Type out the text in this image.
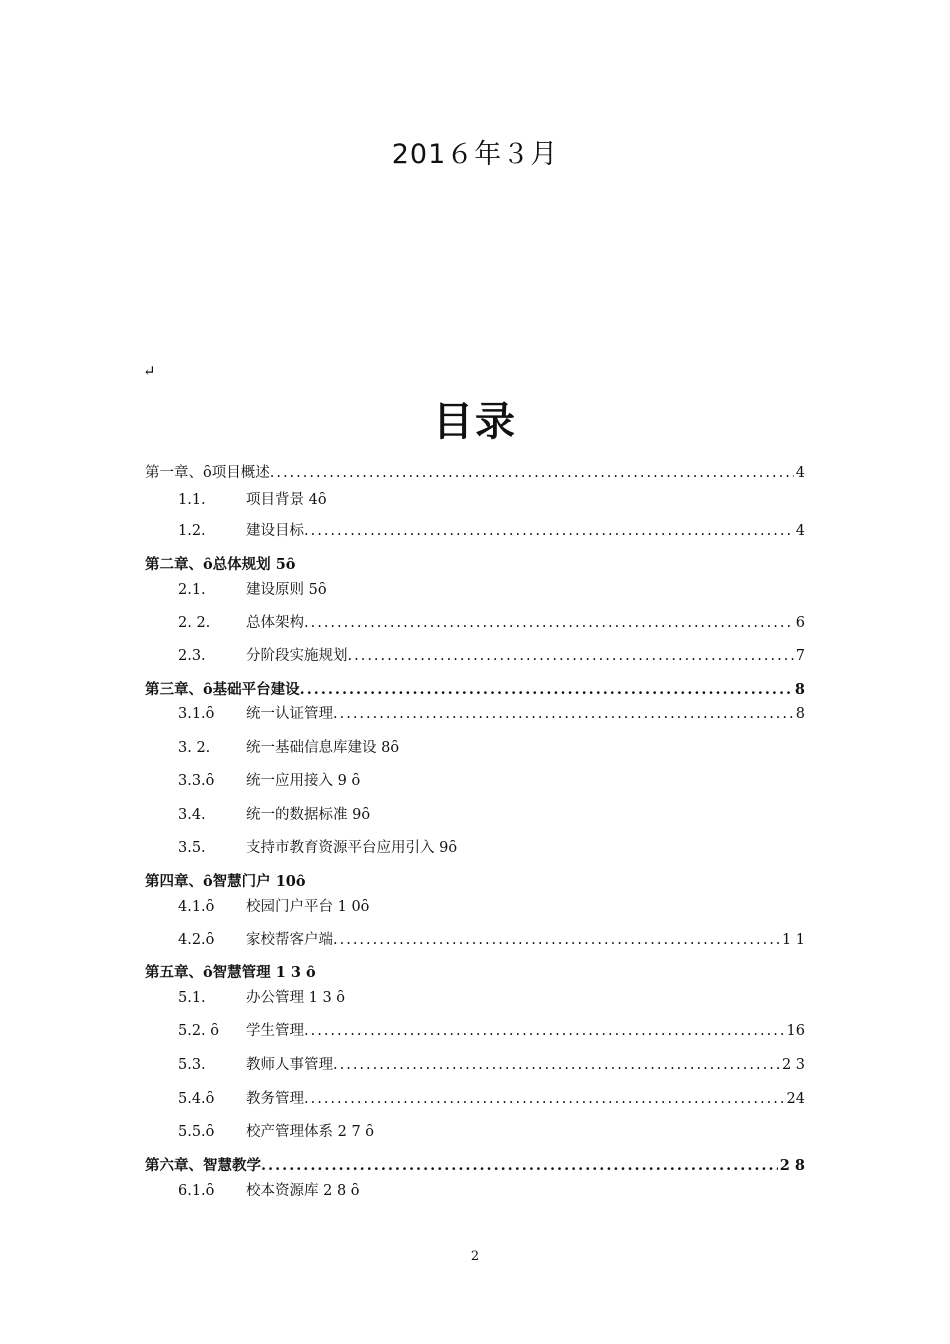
201６年３月
↵
目录
第一章、ȏ 项目概述 .....	4
1.1.	项目背景 4ȏ
1.2.	建设目标 .....	4
第二章、ȏ 总体规划 5ȏ
2.1.	建设原则 5ȏ
2. 2.	总体架构 .....	6
2.3.	分阶段实施规划 .....	7
第三章、ȏ 基础平台建设 .....	8
3.1.ȏ	统一认证管理 .....	8
3. 2.	统一基础信息库建设 8ȏ
3.3.ȏ	统一应用接入 9 ȏ
3.4.	统一的数据标准 9ȏ
3.5.	支持市教育资源平台应用引入 9ȏ
第四章、ȏ 智慧门户 10ȏ
4.1.ȏ	校园门户平台 1 0ȏ
4.2.ȏ	家校帮客户端 .....	1 1
第五章、ȏ 智慧管理 1 3 ȏ
5.1.	办公管理 1 3 ȏ
5.2. ȏ	学生管理 .....	16
5.3.	教师人事管理 .....	2 3
5.4.ȏ	教务管理 .....	24
5.5.ȏ	校产管理体系 2 7 ȏ
第六章、 智慧教学 .....	2 8
6.1.ȏ	校本资源库 2 8 ȏ
2
